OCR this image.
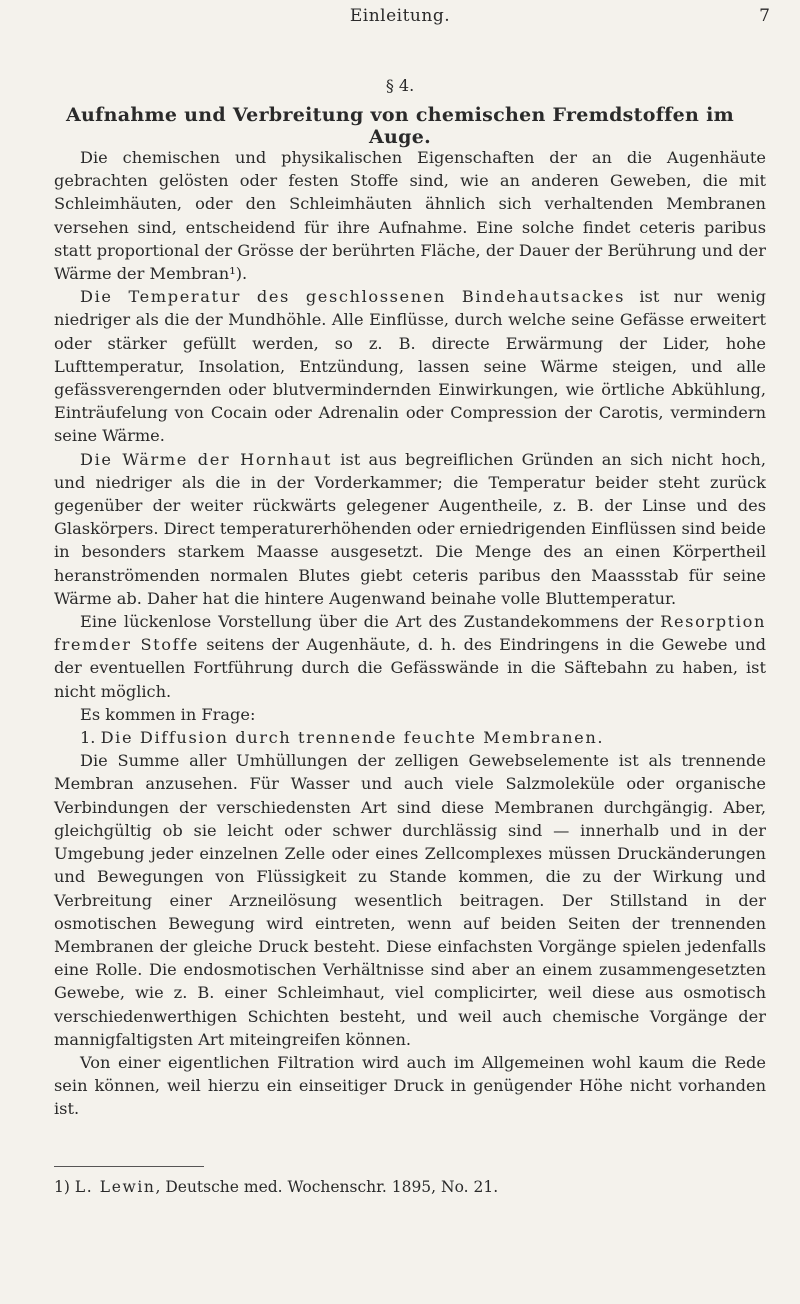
Einleitung.	7
§ 4.
Aufnahme und Verbreitung von chemischen Fremdstoffen im Auge.

Die chemischen und physikalischen Eigenschaften der an die Augenhäute gebrachten gelösten oder festen Stoffe sind, wie an anderen Geweben, die mit Schleimhäuten, oder den Schleimhäuten ähnlich sich verhaltenden Membranen versehen sind, entscheidend für ihre Aufnahme. Eine solche findet ceteris paribus statt proportional der Grösse der berührten Fläche, der Dauer der Berührung und der Wärme der Membran¹).

Die Temperatur des geschlossenen Bindehautsackes ist nur wenig niedriger als die der Mundhöhle. Alle Einflüsse, durch welche seine Gefässe erweitert oder stärker gefüllt werden, so z. B. directe Erwärmung der Lider, hohe Lufttemperatur, Insolation, Entzündung, lassen seine Wärme steigen, und alle gefässverengernden oder blutvermindernden Einwirkungen, wie örtliche Abkühlung, Einträufelung von Cocain oder Adrenalin oder Compression der Carotis, vermindern seine Wärme.

Die Wärme der Hornhaut ist aus begreiflichen Gründen an sich nicht hoch, und niedriger als die in der Vorderkammer; die Temperatur beider steht zurück gegenüber der weiter rückwärts gelegener Augentheile, z. B. der Linse und des Glaskörpers. Direct temperaturerhöhenden oder erniedrigenden Einflüssen sind beide in besonders starkem Maasse ausgesetzt. Die Menge des an einen Körpertheil heranströmenden normalen Blutes giebt ceteris paribus den Maassstab für seine Wärme ab. Daher hat die hintere Augenwand beinahe volle Bluttemperatur.

Eine lückenlose Vorstellung über die Art des Zustandekommens der Resorption fremder Stoffe seitens der Augenhäute, d. h. des Eindringens in die Gewebe und der eventuellen Fortführung durch die Gefässwände in die Säftebahn zu haben, ist nicht möglich.

Es kommen in Frage:

1. Die Diffusion durch trennende feuchte Membranen.

Die Summe aller Umhüllungen der zelligen Gewebselemente ist als trennende Membran anzusehen. Für Wasser und auch viele Salzmoleküle oder organische Verbindungen der verschiedensten Art sind diese Membranen durchgängig. Aber, gleichgültig ob sie leicht oder schwer durchlässig sind — innerhalb und in der Umgebung jeder einzelnen Zelle oder eines Zellcomplexes müssen Druckänderungen und Bewegungen von Flüssigkeit zu Stande kommen, die zu der Wirkung und Verbreitung einer Arzneilösung wesentlich beitragen. Der Stillstand in der osmotischen Bewegung wird eintreten, wenn auf beiden Seiten der trennenden Membranen der gleiche Druck besteht. Diese einfachsten Vorgänge spielen jedenfalls eine Rolle. Die endosmotischen Verhältnisse sind aber an einem zusammengesetzten Gewebe, wie z. B. einer Schleimhaut, viel complicirter, weil diese aus osmotisch verschiedenwerthigen Schichten besteht, und weil auch chemische Vorgänge der mannigfaltigsten Art miteingreifen können.

Von einer eigentlichen Filtration wird auch im Allgemeinen wohl kaum die Rede sein können, weil hierzu ein einseitiger Druck in genügender Höhe nicht vorhanden ist.

1) L. Lewin, Deutsche med. Wochenschr. 1895, No. 21.
